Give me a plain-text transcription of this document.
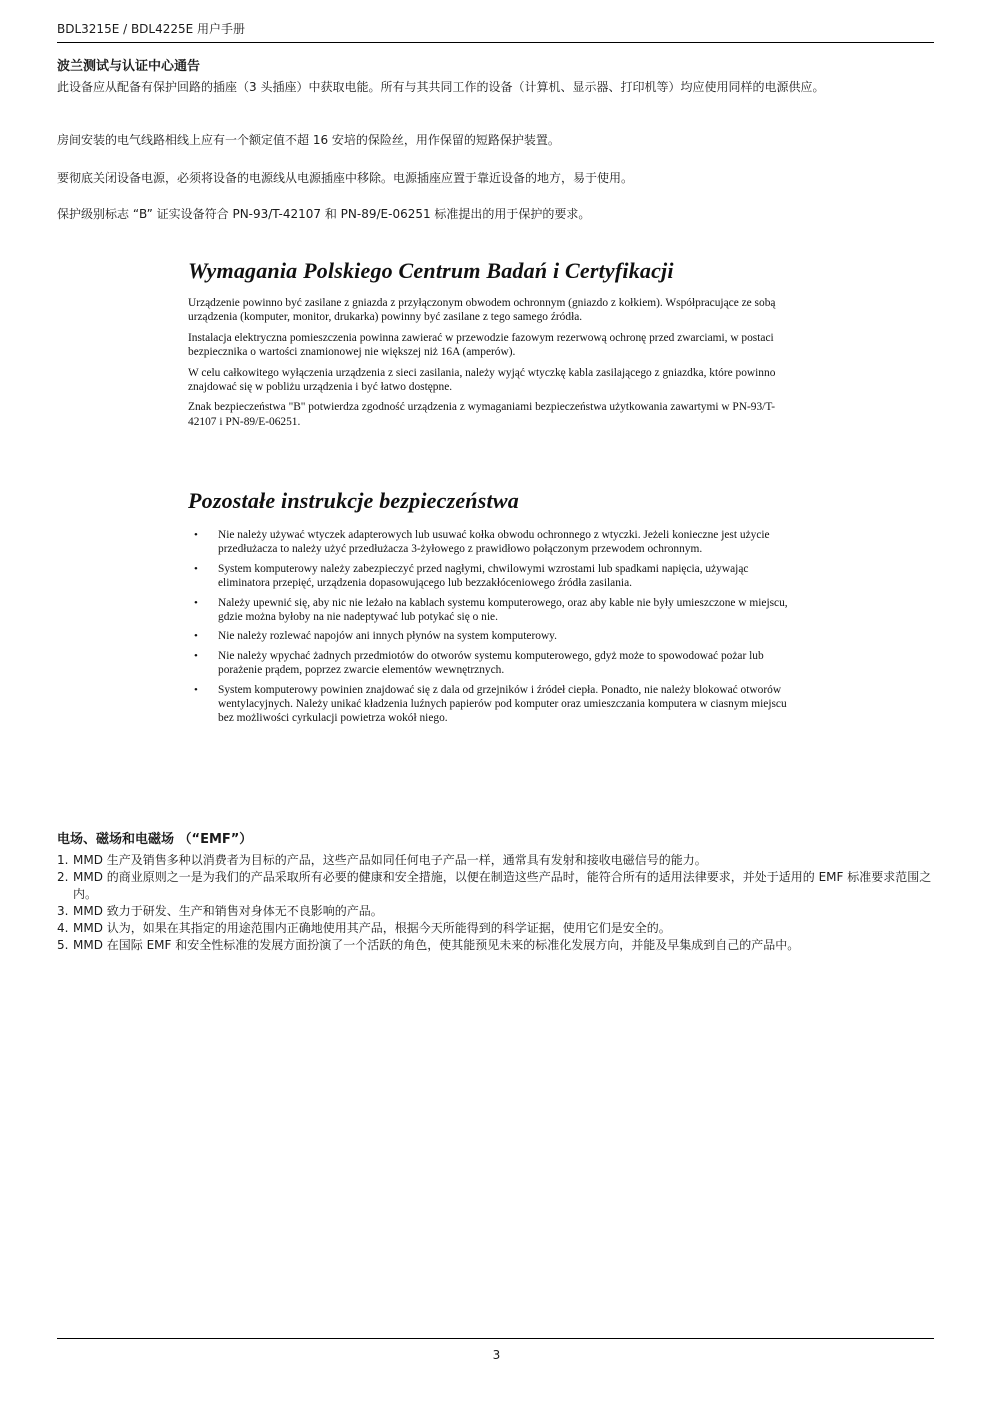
BDL3215E / BDL4225E 用户手册
波兰测试与认证中心通告

此设备应从配备有保护回路的插座（3 头插座）中获取电能。所有与其共同工作的设备（计算机、显示器、打印机等）均应使用同样的电源供应。

房间安装的电气线路相线上应有一个额定值不超 16 安培的保险丝，用作保留的短路保护装置。

要彻底关闭设备电源，必须将设备的电源线从电源插座中移除。电源插座应置于靠近设备的地方，易于使用。

保护级别标志 “B” 证实设备符合 PN-93/T-42107 和 PN-89/E-06251 标准提出的用于保护的要求。

Wymagania Polskiego Centrum Badań i Certyfikacji

Urządzenie powinno być zasilane z gniazda z przyłączonym obwodem ochronnym (gniazdo z kołkiem). Współpracujące ze sobą urządzenia (komputer, monitor, drukarka) powinny być zasilane z tego samego źródła.

Instalacja elektryczna pomieszczenia powinna zawierać w przewodzie fazowym rezerwową ochronę przed zwarciami, w postaci bezpiecznika o wartości znamionowej nie większej niż 16A (amperów).

W celu całkowitego wyłączenia urządzenia z sieci zasilania, należy wyjąć wtyczkę kabla zasilającego z gniazdka, które powinno znajdować się w pobliżu urządzenia i być łatwo dostępne.

Znak bezpieczeństwa "B" potwierdza zgodność urządzenia z wymaganiami bezpieczeństwa użytkowania zawartymi w PN-93/T-42107 i PN-89/E-06251.

Pozostałe instrukcje bezpieczeństwa
• Nie należy używać wtyczek adapterowych lub usuwać kołka obwodu ochronnego z wtyczki. Jeżeli konieczne jest użycie przedłużacza to należy użyć przedłużacza 3-żyłowego z prawidłowo połączonym przewodem ochronnym.
• System komputerowy należy zabezpieczyć przed nagłymi, chwilowymi wzrostami lub spadkami napięcia, używając eliminatora przepięć, urządzenia dopasowującego lub bezzakłóceniowego źródła zasilania.
• Należy upewnić się, aby nic nie leżało na kablach systemu komputerowego, oraz aby kable nie były umieszczone w miejscu, gdzie można byłoby na nie nadeptywać lub potykać się o nie.
• Nie należy rozlewać napojów ani innych płynów na system komputerowy.
• Nie należy wpychać żadnych przedmiotów do otworów systemu komputerowego, gdyż może to spowodować pożar lub porażenie prądem, poprzez zwarcie elementów wewnętrznych.
• System komputerowy powinien znajdować się z dala od grzejników i źródeł ciepła. Ponadto, nie należy blokować otworów wentylacyjnych. Należy unikać kładzenia luźnych papierów pod komputer oraz umieszczania komputera w ciasnym miejscu bez możliwości cyrkulacji powietrza wokół niego.
电场、磁场和电磁场 （“EMF”）
1. MMD 生产及销售多种以消费者为目标的产品，这些产品如同任何电子产品一样，通常具有发射和接收电磁信号的能力。
2. MMD 的商业原则之一是为我们的产品采取所有必要的健康和安全措施，以便在制造这些产品时，能符合所有的适用法律要求，并处于适用的 EMF 标准要求范围之内。
3. MMD 致力于研发、生产和销售对身体无不良影响的产品。
4. MMD 认为，如果在其指定的用途范围内正确地使用其产品，根据今天所能得到的科学证据，使用它们是安全的。
5. MMD 在国际 EMF 和安全性标准的发展方面扮演了一个活跃的角色，使其能预见未来的标准化发展方向，并能及早集成到自己的产品中。
3
